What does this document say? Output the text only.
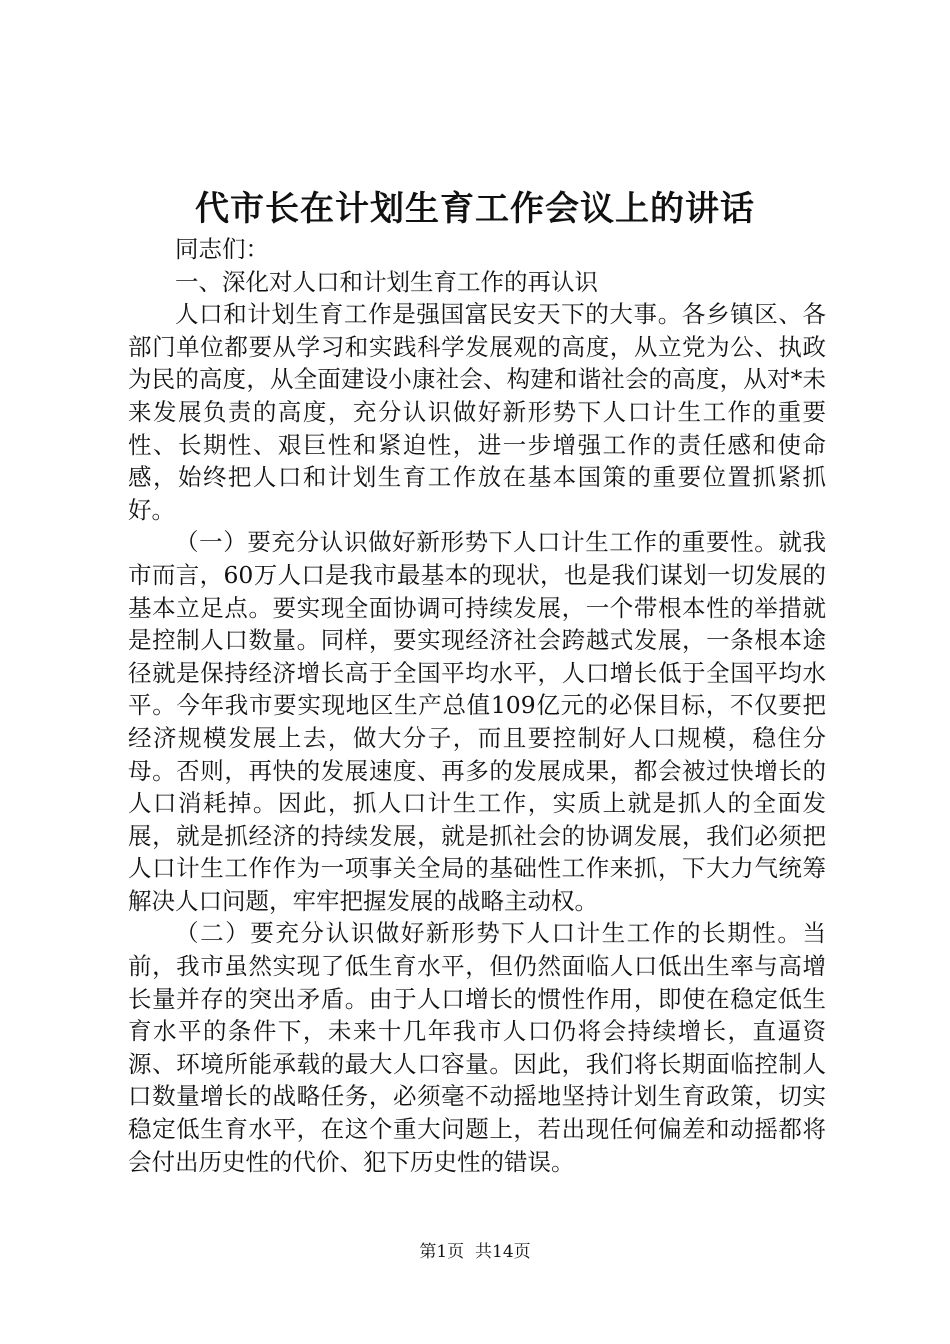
代市长在计划生育工作会议上的讲话

同志们：

一、深化对人口和计划生育工作的再认识

人口和计划生育工作是强国富民安天下的大事。各乡镇区、各部门单位都要从学习和实践科学发展观的高度，从立党为公、执政为民的高度，从全面建设小康社会、构建和谐社会的高度，从对*未来发展负责的高度，充分认识做好新形势下人口计生工作的重要性、长期性、艰巨性和紧迫性，进一步增强工作的责任感和使命感，始终把人口和计划生育工作放在基本国策的重要位置抓紧抓好。

（一）要充分认识做好新形势下人口计生工作的重要性。就我市而言，60万人口是我市最基本的现状，也是我们谋划一切发展的基本立足点。要实现全面协调可持续发展，一个带根本性的举措就是控制人口数量。同样，要实现经济社会跨越式发展，一条根本途径就是保持经济增长高于全国平均水平，人口增长低于全国平均水平。今年我市要实现地区生产总值109亿元的必保目标，不仅要把经济规模发展上去，做大分子，而且要控制好人口规模，稳住分母。否则，再快的发展速度、再多的发展成果，都会被过快增长的人口消耗掉。因此，抓人口计生工作，实质上就是抓人的全面发展，就是抓经济的持续发展，就是抓社会的协调发展，我们必须把人口计生工作作为一项事关全局的基础性工作来抓，下大力气统筹解决人口问题，牢牢把握发展的战略主动权。

（二）要充分认识做好新形势下人口计生工作的长期性。当前，我市虽然实现了低生育水平，但仍然面临人口低出生率与高增长量并存的突出矛盾。由于人口增长的惯性作用，即使在稳定低生育水平的条件下，未来十几年我市人口仍将会持续增长，直逼资源、环境所能承载的最大人口容量。因此，我们将长期面临控制人口数量增长的战略任务，必须毫不动摇地坚持计划生育政策，切实稳定低生育水平，在这个重大问题上，若出现任何偏差和动摇都将会付出历史性的代价、犯下历史性的错误。

第1页 共14页
